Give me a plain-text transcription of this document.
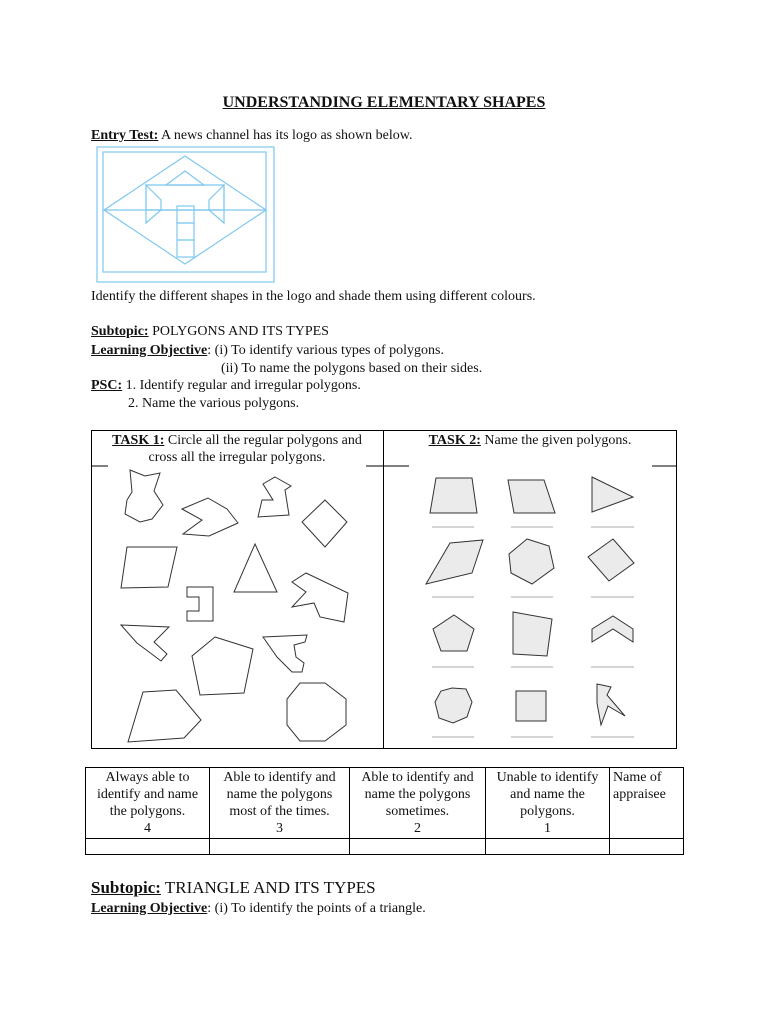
UNDERSTANDING ELEMENTARY SHAPES
Entry Test: A news channel has its logo as shown below.
Identify the different shapes in the logo and shade them using different colours.
Subtopic: POLYGONS AND ITS TYPES
Learning Objective: (i) To identify various types of polygons.
(ii) To name the polygons based on their sides.
PSC: 1. Identify regular and irregular polygons.
2. Name the various polygons.
TASK 1: Circle all the regular polygons and
cross all the irregular polygons.
TASK 2: Name the given polygons.
Always able to
identify and name
the polygons.
4	Able to identify and
name the polygons
most of the times.
3	Able to identify and
name the polygons
sometimes.
2	Unable to identify
and name the
polygons.
1	Name of
appraisee

Subtopic: TRIANGLE AND ITS TYPES
Learning Objective: (i) To identify the points of a triangle.
